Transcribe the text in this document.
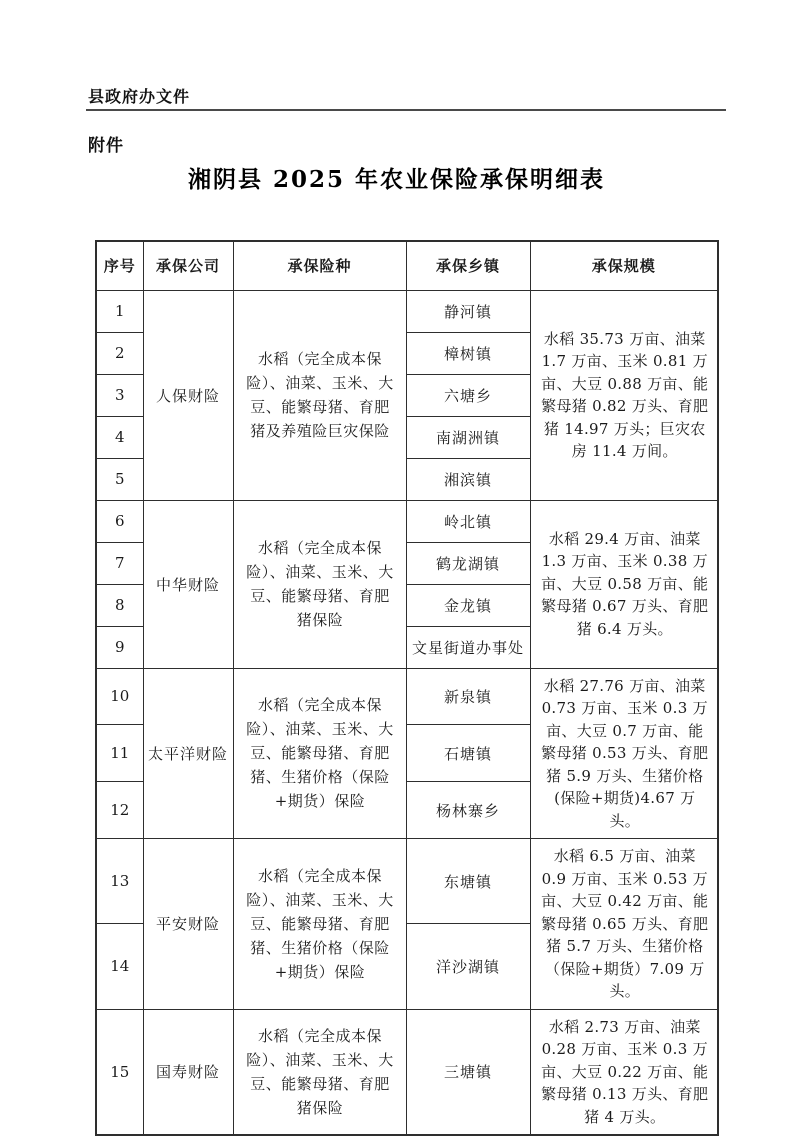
县政府办文件
附件
湘阴县 2025 年农业保险承保明细表
序号	承保公司	承保险种	承保乡镇	承保规模
1	人保财险	水稻（完全成本保险）、油菜、玉米、大豆、能繁母猪、育肥猪及养殖险巨灾保险	静河镇	水稻 35.73 万亩、油菜 1.7 万亩、玉米 0.81 万亩、大豆 0.88 万亩、能繁母猪 0.82 万头、育肥猪 14.97 万头；巨灾农房 11.4 万间。
2			樟树镇	
3			六塘乡	
4			南湖洲镇	
5			湘滨镇	
6	中华财险	水稻（完全成本保险）、油菜、玉米、大豆、能繁母猪、育肥猪保险	岭北镇	水稻 29.4 万亩、油菜 1.3 万亩、玉米 0.38 万亩、大豆 0.58 万亩、能繁母猪 0.67 万头、育肥猪 6.4 万头。
7			鹤龙湖镇	
8			金龙镇	
9			文星街道办事处	
10	太平洋财险	水稻（完全成本保险）、油菜、玉米、大豆、能繁母猪、育肥猪、生猪价格（保险+期货）保险	新泉镇	水稻 27.76 万亩、油菜 0.73 万亩、玉米 0.3 万亩、大豆 0.7 万亩、能繁母猪 0.53 万头、育肥猪 5.9 万头、生猪价格(保险+期货)4.67 万头。
11			石塘镇	
12			杨林寨乡	
13	平安财险	水稻（完全成本保险）、油菜、玉米、大豆、能繁母猪、育肥猪、生猪价格（保险+期货）保险	东塘镇	水稻 6.5 万亩、油菜 0.9 万亩、玉米 0.53 万亩、大豆 0.42 万亩、能繁母猪 0.65 万头、育肥猪 5.7 万头、生猪价格（保险+期货）7.09 万头。
14			洋沙湖镇	
15	国寿财险	水稻（完全成本保险）、油菜、玉米、大豆、能繁母猪、育肥猪保险	三塘镇	水稻 2.73 万亩、油菜 0.28 万亩、玉米 0.3 万亩、大豆 0.22 万亩、能繁母猪 0.13 万头、育肥猪 4 万头。
